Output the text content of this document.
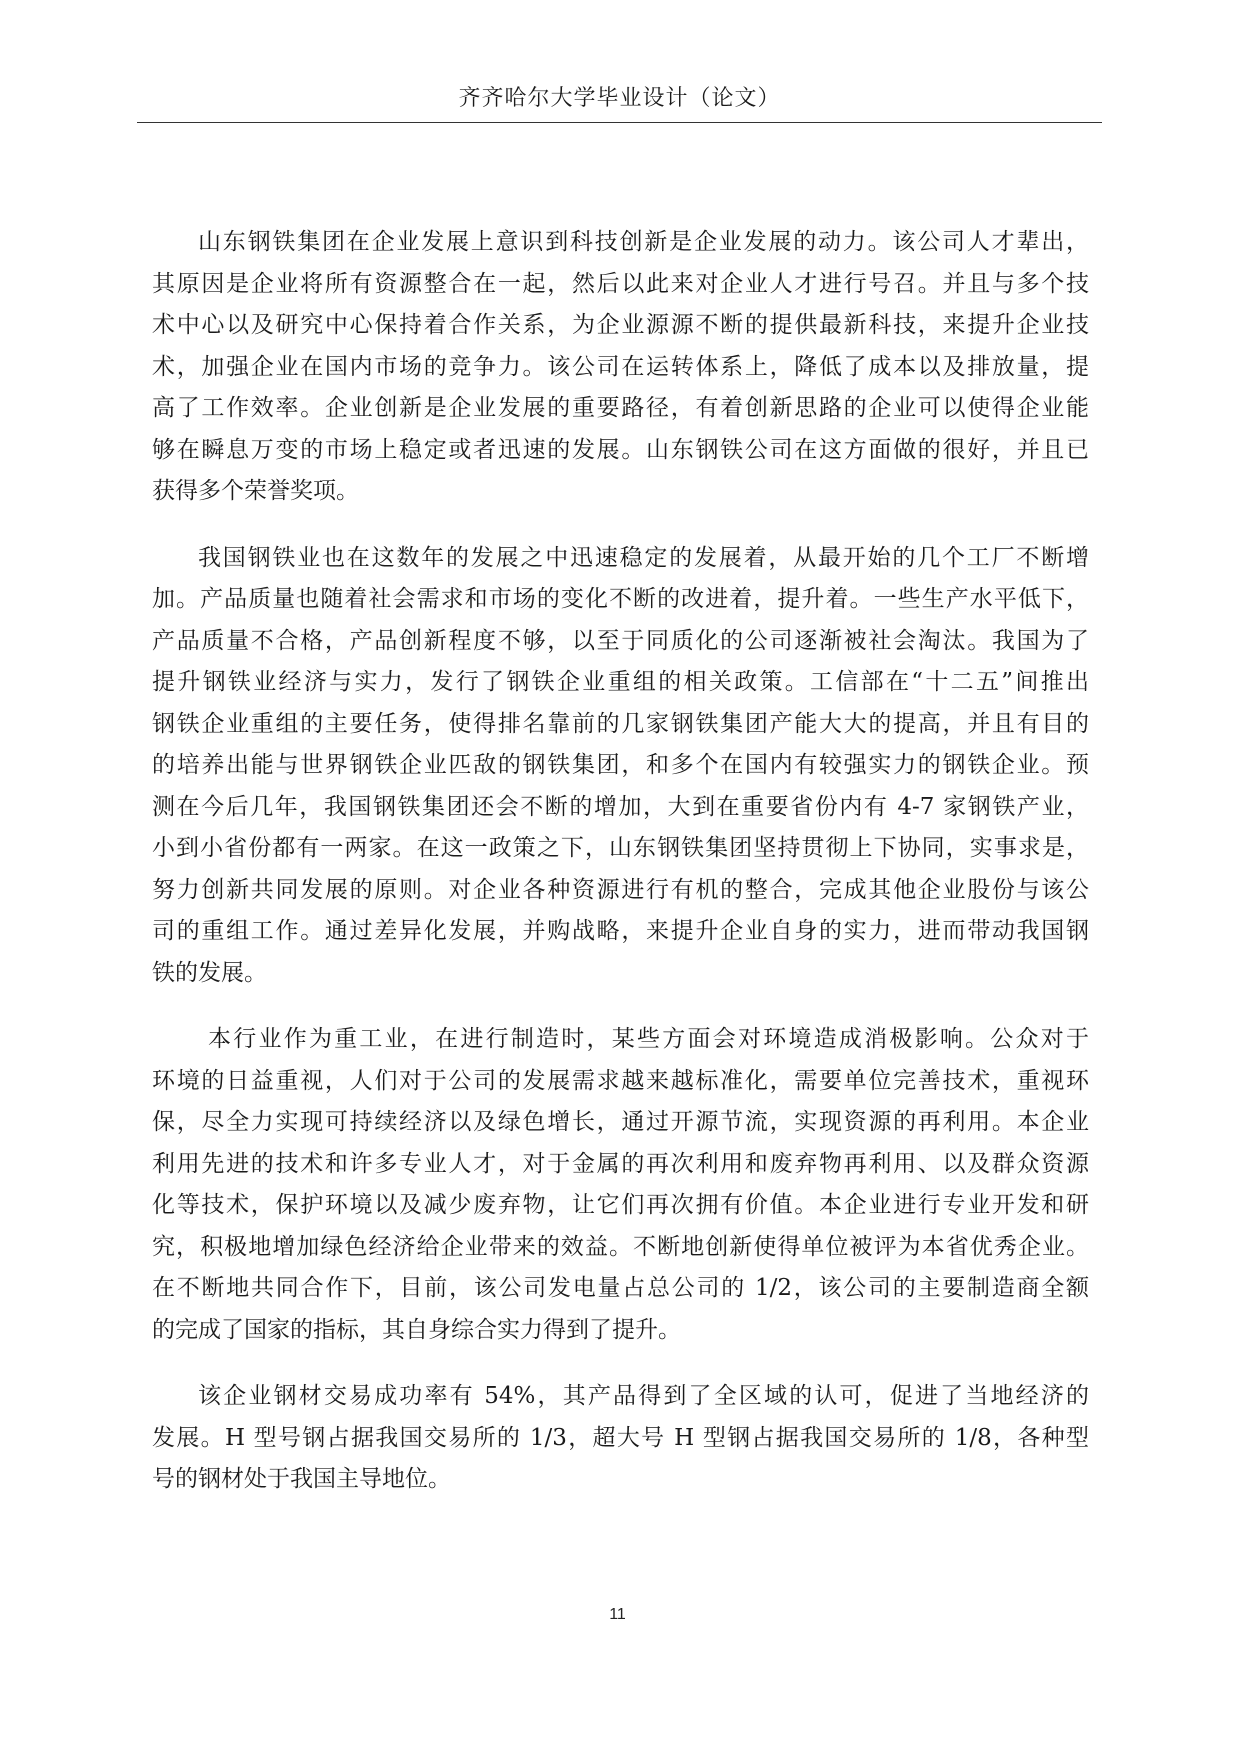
齐齐哈尔大学毕业设计（论文）

山东钢铁集团在企业发展上意识到科技创新是企业发展的动力。该公司人才辈出，
其原因是企业将所有资源整合在一起，然后以此来对企业人才进行号召。并且与多个技
术中心以及研究中心保持着合作关系，为企业源源不断的提供最新科技，来提升企业技
术，加强企业在国内市场的竞争力。该公司在运转体系上，降低了成本以及排放量，提
高了工作效率。企业创新是企业发展的重要路径，有着创新思路的企业可以使得企业能
够在瞬息万变的市场上稳定或者迅速的发展。山东钢铁公司在这方面做的很好，并且已
获得多个荣誉奖项。

我国钢铁业也在这数年的发展之中迅速稳定的发展着，从最开始的几个工厂不断增
加。产品质量也随着社会需求和市场的变化不断的改进着，提升着。一些生产水平低下，
产品质量不合格，产品创新程度不够，以至于同质化的公司逐渐被社会淘汰。我国为了
提升钢铁业经济与实力，发行了钢铁企业重组的相关政策。工信部在“十二五”间推出
钢铁企业重组的主要任务，使得排名靠前的几家钢铁集团产能大大的提高，并且有目的
的培养出能与世界钢铁企业匹敌的钢铁集团，和多个在国内有较强实力的钢铁企业。预
测在今后几年，我国钢铁集团还会不断的增加，大到在重要省份内有 4-7 家钢铁产业，
小到小省份都有一两家。在这一政策之下，山东钢铁集团坚持贯彻上下协同，实事求是，
努力创新共同发展的原则。对企业各种资源进行有机的整合，完成其他企业股份与该公
司的重组工作。通过差异化发展，并购战略，来提升企业自身的实力，进而带动我国钢
铁的发展。

本行业作为重工业，在进行制造时，某些方面会对环境造成消极影响。公众对于
环境的日益重视，人们对于公司的发展需求越来越标准化，需要单位完善技术，重视环
保，尽全力实现可持续经济以及绿色增长，通过开源节流，实现资源的再利用。本企业
利用先进的技术和许多专业人才，对于金属的再次利用和废弃物再利用、以及群众资源
化等技术，保护环境以及减少废弃物，让它们再次拥有价值。本企业进行专业开发和研
究，积极地增加绿色经济给企业带来的效益。不断地创新使得单位被评为本省优秀企业。
在不断地共同合作下，目前，该公司发电量占总公司的 1/2，该公司的主要制造商全额
的完成了国家的指标，其自身综合实力得到了提升。

该企业钢材交易成功率有 54%，其产品得到了全区域的认可，促进了当地经济的
发展。H 型号钢占据我国交易所的 1/3，超大号 H 型钢占据我国交易所的 1/8，各种型
号的钢材处于我国主导地位。

11
